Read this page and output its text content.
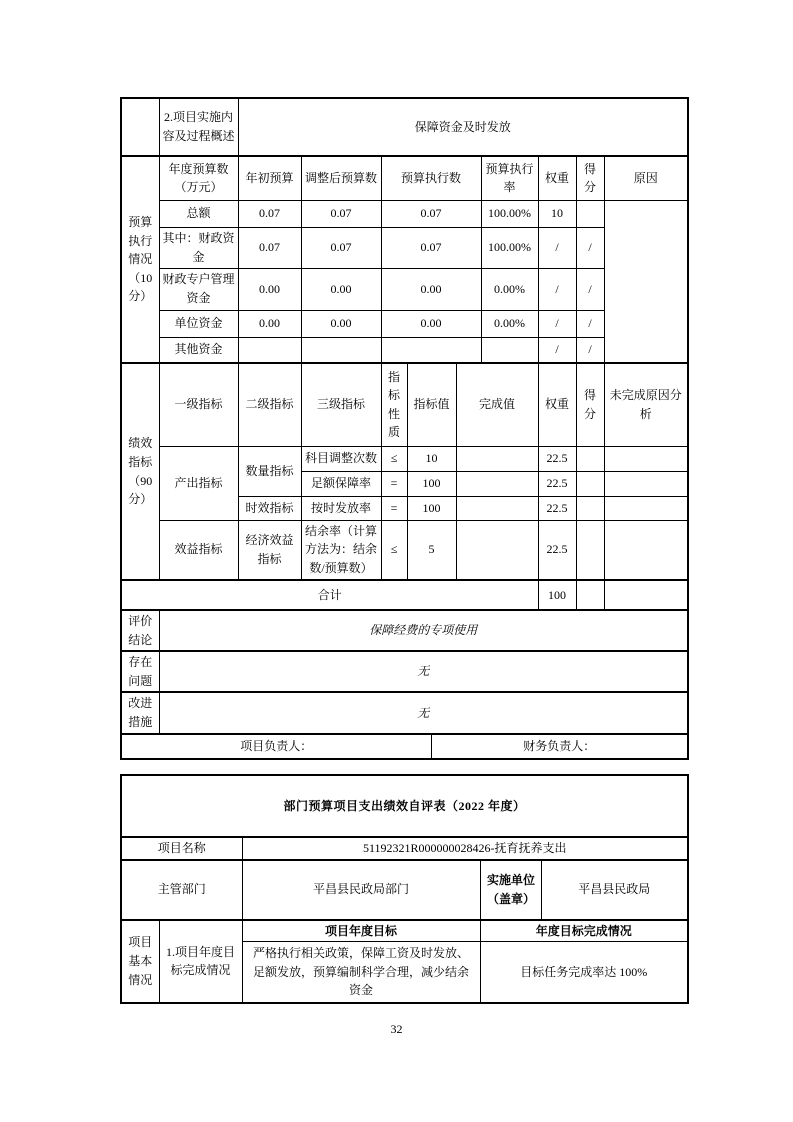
	2.项目实施内容及过程概述	保障资金及时发放									
预算执行情况（10分）	年度预算数（万元）	年初预算	调整后预算数	预算执行数				预算执行率	权重	得分	原因
	总额	0.07	0.07	0.07				100.00%	10		
	其中：财政资金	0.07	0.07	0.07				100.00%	/	/	
	财政专户管理资金	0.00	0.00	0.00				0.00%	/	/	
	单位资金	0.00	0.00	0.00				0.00%	/	/	
	其他资金								/	/	
绩效指标（90分）	一级指标	二级指标	三级指标	指标性质	指标值		完成值		权重	得分	未完成原因分析
	产出指标	数量指标	科目调整次数	≤	10				22.5		
			足额保障率	=	100				22.5		
		时效指标	按时发放率	=	100				22.5		
	效益指标	经济效益指标	结余率（计算方法为：结余数/预算数）	≤	5				22.5		
合计									100		
评价结论	保障经费的专项使用										
存在问题	无										
改进措施	无										
项目负责人：						财务负责人：					
部门预算项目支出绩效自评表（2022 年度）				
项目名称		51192321R000000028426-抚育抚养支出		
主管部门		平昌县民政局部门	实施单位（盖章）	平昌县民政局
项目基本情况	1.项目年度目标完成情况	项目年度目标	年度目标完成情况	
		严格执行相关政策，保障工资及时发放、足额发放，预算编制科学合理，减少结余资金	目标任务完成率达 100%	
32
